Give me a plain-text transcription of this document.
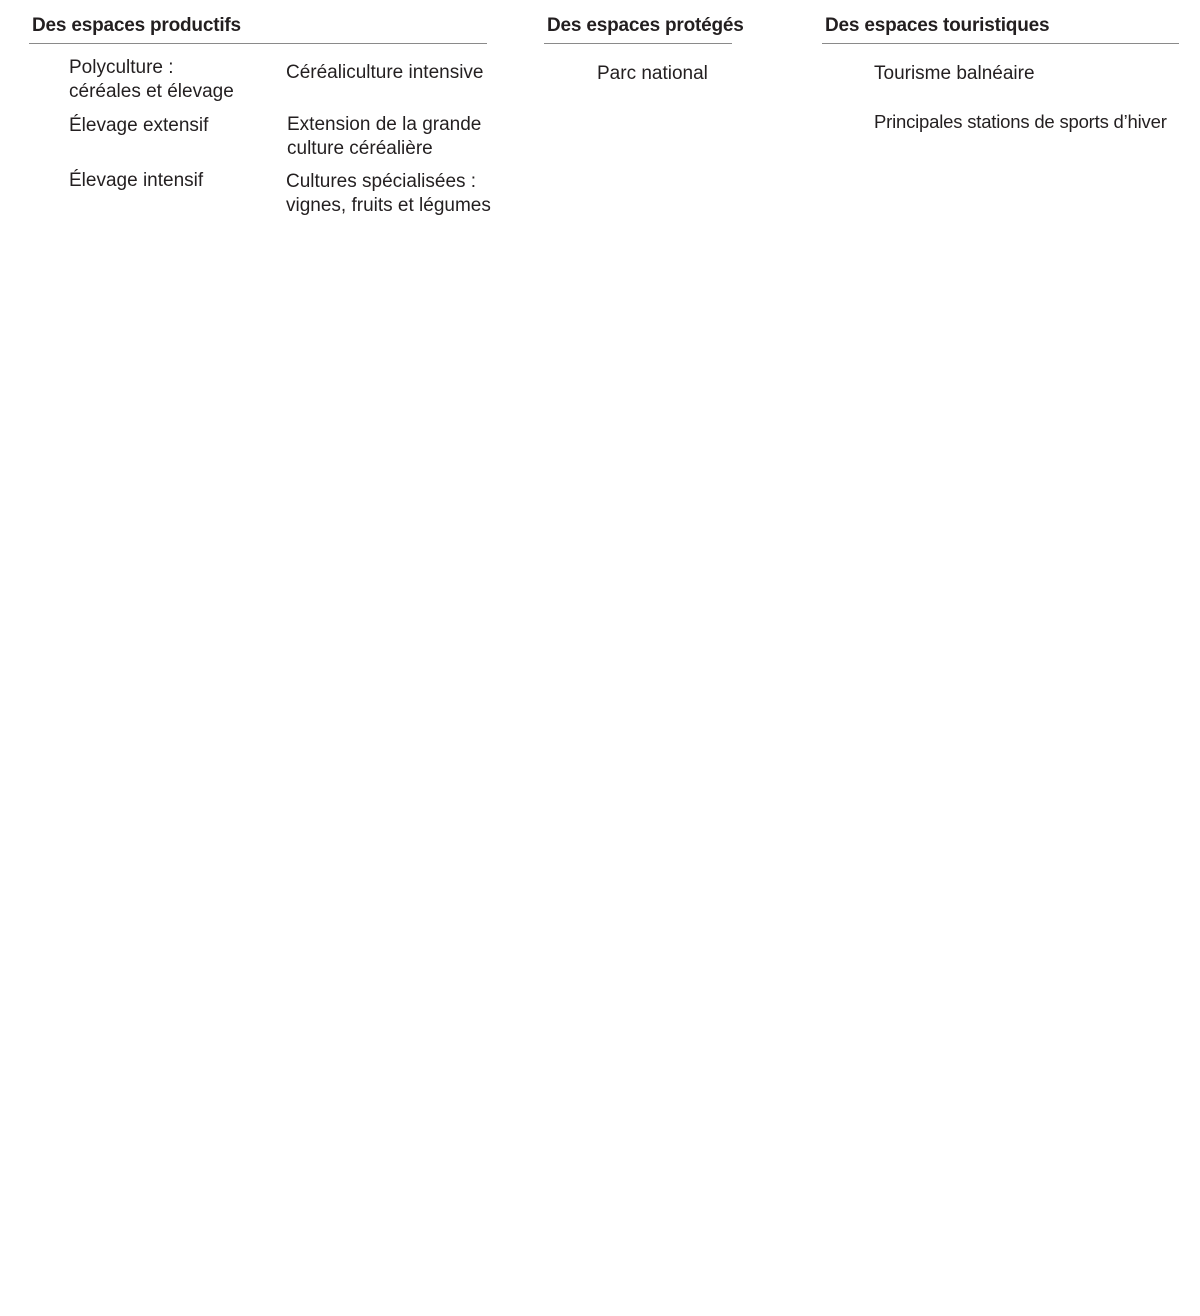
Des espaces productifs
Polyculture :
céréales et élevage
Élevage extensif
Élevage intensif
Céréaliculture intensive
Extension de la grande
culture céréalière
Cultures spécialisées :
vignes, fruits et légumes
Des espaces protégés
Parc national
Des espaces touristiques
Tourisme balnéaire
Principales stations de sports d’hiver
